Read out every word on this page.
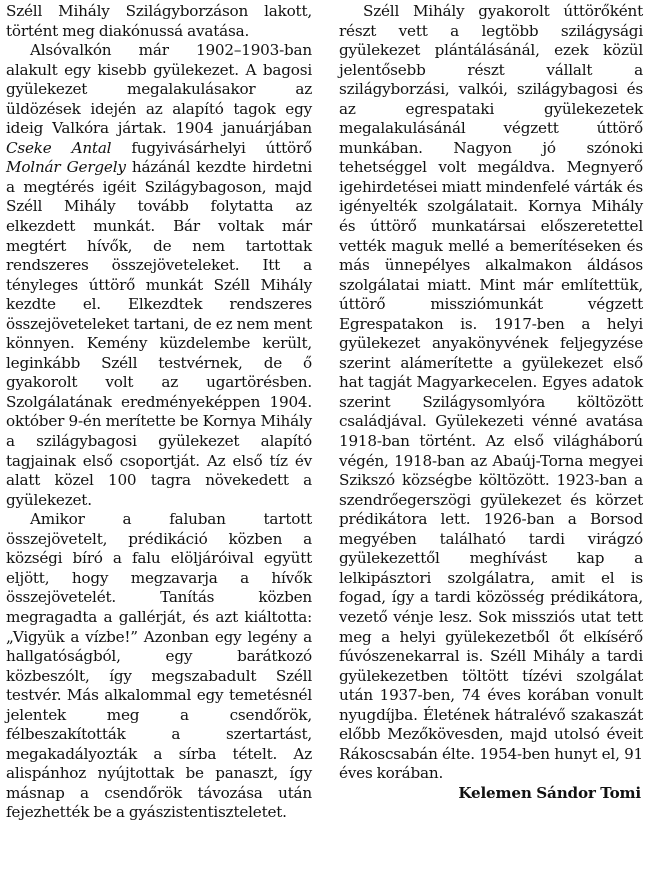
Széll Mihály Szilágyborzáson lakott, történt meg diakónussá avatása.

Alsóvalkón már 1902–1903-ban alakult egy kisebb gyülekezet. A bagosi gyülekezet megalakulásakor az üldözések idején az alapító tagok egy ideig Valkóra jártak. 1904 januárjában Cseke Antal fugyivásárhelyi úttörő Molnár Gergely házánál kezdte hirdetni a megtérés igéit Szilágybagoson, majd Széll Mihály tovább folytatta az elkezdett munkát. Bár voltak már megtért hívők, de nem tartottak rendszeres összejöveteleket. Itt a tényleges úttörő munkát Széll Mihály kezdte el. Elkezdtek rendszeres összejöveteleket tartani, de ez nem ment könnyen. Kemény küzdelembe került, leginkább Széll testvérnek, de ő gyakorolt volt az ugartörésben. Szolgálatának eredményeképpen 1904. október 9-én merítette be Kornya Mihály a szilágybagosi gyülekezet alapító tagjainak első csoportját. Az első tíz év alatt közel 100 tagra növekedett a gyülekezet.

Amikor a faluban tartott összejövetelt, prédikáció közben a községi bíró a falu elöljáróival együtt eljött, hogy megzavarja a hívők összejövetelét. Tanítás közben megragadta a gallérját, és azt kiáltotta: „Vigyük a vízbe!” Azonban egy legény a hallgatóságból, egy barátkozó közbeszólt, így megszabadult Széll testvér. Más alkalommal egy temetésnél jelentek meg a csendőrök, félbeszakították a szertartást, megakadályozták a sírba tételt. Az alispánhoz nyújtottak be panaszt, így másnap a csendőrök távozása után fejezhették be a gyászistentiszteletet.

Széll Mihály gyakorolt úttörőként részt vett a legtöbb szilágysági gyülekezet plántálásánál, ezek közül jelentősebb részt vállalt a szilágyborzási, valkói, szilágybagosi és az egrespataki gyülekezetek megalakulásánál végzett úttörő munkában. Nagyon jó szónoki tehetséggel volt megáldva. Megnyerő igehirdetései miatt mindenfelé várták és igényelték szolgálatait. Kornya Mihály és úttörő munkatársai előszeretettel vették maguk mellé a bemerítéseken és más ünnepélyes alkalmakon áldásos szolgálatai miatt. Mint már említettük, úttörő missziómunkát végzett Egrespatakon is. 1917-ben a helyi gyülekezet anyakönyvének feljegyzése szerint alámerítette a gyülekezet első hat tagját Magyarkecelen. Egyes adatok szerint Szilágysomlyóra költözött családjával. Gyülekezeti vénné avatása 1918-ban történt. Az első világháború végén, 1918-ban az Abaúj-Torna megyei Szikszó községbe költözött. 1923-ban a szendrőegerszögi gyülekezet és körzet prédikátora lett. 1926-ban a Borsod megyében található tardi virágzó gyülekezettől meghívást kap a lelkipásztori szolgálatra, amit el is fogad, így a tardi közösség prédikátora, vezető vénje lesz. Sok missziós utat tett meg a helyi gyülekezetből őt elkísérő fúvószenekarral is. Széll Mihály a tardi gyülekezetben töltött tízévi szolgálat után 1937-ben, 74 éves korában vonult nyugdíjba. Életének hátralévő szakaszát előbb Mezőkövesden, majd utolsó éveit Rákoscsabán élte. 1954-ben hunyt el, 91 éves korában.

Kelemen Sándor Tomi
